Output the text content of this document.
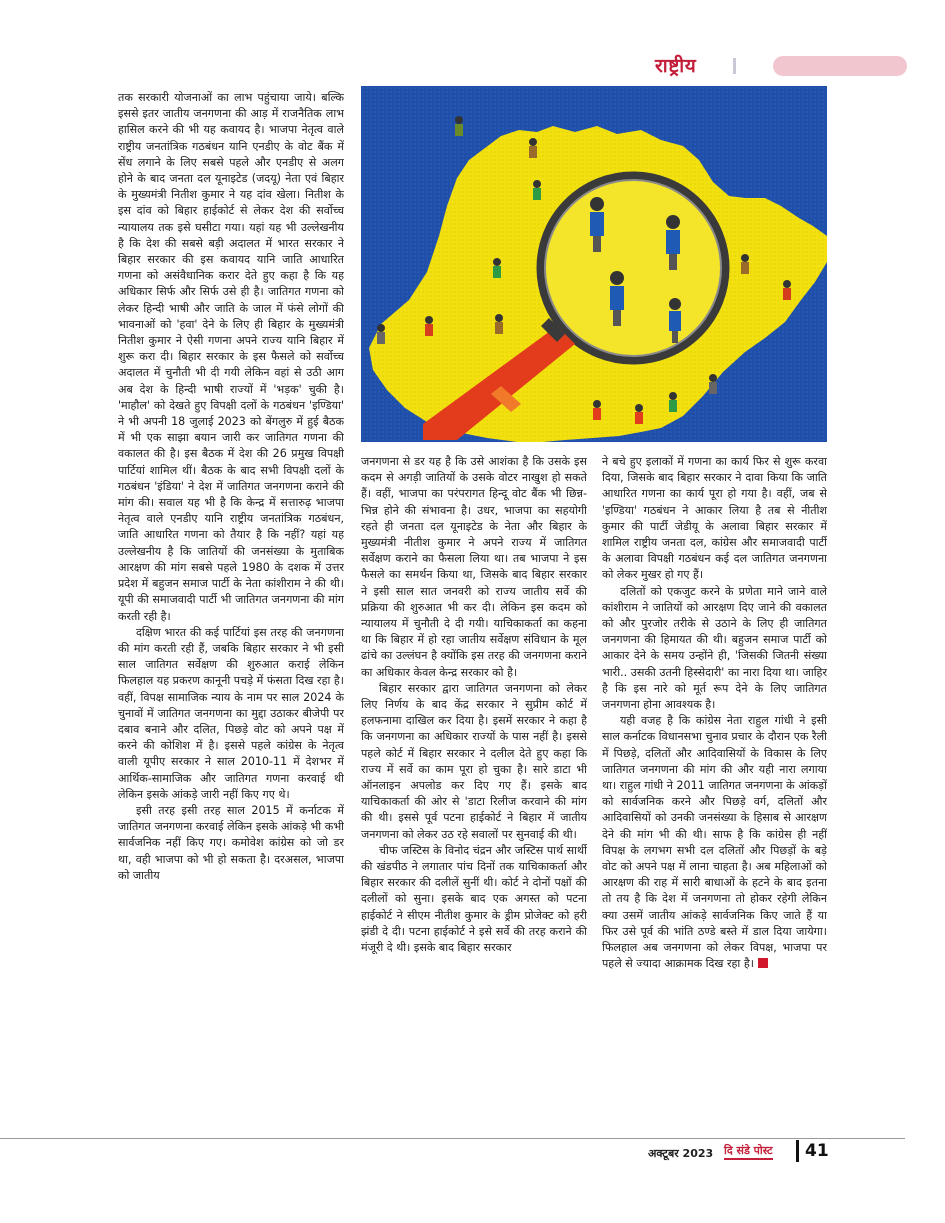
राष्ट्रीय

तक सरकारी योजनाओं का लाभ पहुंचाया जाये। बल्कि इससे इतर जातीय जनगणना की आड़ में राजनैतिक लाभ हासिल करने की भी यह कवायद है। भाजपा नेतृत्व वाले राष्ट्रीय जनतांत्रिक गठबंधन यानि एनडीए के वोट बैंक में सेंध लगाने के लिए सबसे पहले और एनडीए से अलग होने के बाद जनता दल यूनाइटेड (जदयू) नेता एवं बिहार के मुख्यमंत्री नितीश कुमार ने यह दांव खेला। नितीश के इस दांव को बिहार हाईकोर्ट से लेकर देश की सर्वोच्च न्यायालय तक इसे घसीटा गया। यहां यह भी उल्लेखनीय है कि देश की सबसे बड़ी अदालत में भारत सरकार ने बिहार सरकार की इस कवायद यानि जाति आधारित गणना को असंवैधानिक करार देते हुए कहा है कि यह अधिकार सिर्फ और सिर्फ उसे ही है। जातिगत गणना को लेकर हिन्दी भाषी और जाति के जाल में फंसे लोगों की भावनाओं को 'हवा' देने के लिए ही बिहार के मुख्यमंत्री नितीश कुमार ने ऐसी गणना अपने राज्य यानि बिहार में शुरू करा दी। बिहार सरकार के इस फैसले को सर्वोच्च अदालत में चुनौती भी दी गयी लेकिन वहां से उठी आग अब देश के हिन्दी भाषी राज्यों में 'भड़क' चुकी है। 'माहौल' को देखते हुए विपक्षी दलों के गठबंधन 'इण्डिया' ने भी अपनी 18 जुलाई 2023 को बेंगलुरु में हुई बैठक में भी एक साझा बयान जारी कर जातिगत गणना की वकालत की है। इस बैठक में देश की 26 प्रमुख विपक्षी पार्टियां शामिल थीं। बैठक के बाद सभी विपक्षी दलों के गठबंधन 'इंडिया' ने देश में जातिगत जनगणना कराने की मांग की। सवाल यह भी है कि केन्द्र में सत्तारुढ़ भाजपा नेतृत्व वाले एनडीए यानि राष्ट्रीय जनतांत्रिक गठबंधन, जाति आधारित गणना को तैयार है कि नहीं? यहां यह उल्लेखनीय है कि जातियों की जनसंख्या के मुताबिक आरक्षण की मांग सबसे पहले 1980 के दशक में उत्तर प्रदेश में बहुजन समाज पार्टी के नेता कांशीराम ने की थी। यूपी की समाजवादी पार्टी भी जातिगत जनगणना की मांग करती रही है।

दक्षिण भारत की कई पार्टियां इस तरह की जनगणना की मांग करती रही हैं, जबकि बिहार सरकार ने भी इसी साल जातिगत सर्वेक्षण की शुरुआत कराई लेकिन फिलहाल यह प्रकरण कानूनी पचड़े में फंसता दिख रहा है। वहीं, विपक्ष सामाजिक न्याय के नाम पर साल 2024 के चुनावों में जातिगत जनगणना का मुद्दा उठाकर बीजेपी पर दबाव बनाने और दलित, पिछड़े वोट को अपने पक्ष में करने की कोशिश में है। इससे पहले कांग्रेस के नेतृत्व वाली यूपीए सरकार ने साल 2010-11 में देशभर में आर्थिक-सामाजिक और जातिगत गणना करवाई थी लेकिन इसके आंकड़े जारी नहीं किए गए थे।

इसी तरह इसी तरह साल 2015 में कर्नाटक में जातिगत जनगणना करवाई लेकिन इसके आंकड़े भी कभी सार्वजनिक नहीं किए गए। कमोवेश कांग्रेस को जो डर था, वही भाजपा को भी हो सकता है। दरअसल, भाजपा को जातीय

जनगणना से डर यह है कि उसे आशंका है कि उसके इस कदम से अगड़ी जातियों के उसके वोटर नाखुश हो सकते हैं। वहीं, भाजपा का परंपरागत हिन्दू वोट बैंक भी छिन्न-भिन्न होने की संभावना है। उधर, भाजपा का सहयोगी रहते ही जनता दल यूनाइटेड के नेता और बिहार के मुख्यमंत्री नीतीश कुमार ने अपने राज्य में जातिगत सर्वेक्षण कराने का फैसला लिया था। तब भाजपा ने इस फैसले का समर्थन किया था, जिसके बाद बिहार सरकार ने इसी साल सात जनवरी को राज्य जातीय सर्वे की प्रक्रिया की शुरुआत भी कर दी। लेकिन इस कदम को न्यायालय में चुनौती दे दी गयी। याचिकाकर्ता का कहना था कि बिहार में हो रहा जातीय सर्वेक्षण संविधान के मूल ढांचे का उल्लंघन है क्योंकि इस तरह की जनगणना कराने का अधिकार केवल केन्द्र सरकार को है।

बिहार सरकार द्वारा जातिगत जनगणना को लेकर लिए निर्णय के बाद केंद्र सरकार ने सुप्रीम कोर्ट में हलफनामा दाखिल कर दिया है। इसमें सरकार ने कहा है कि जनगणना का अधिकार राज्यों के पास नहीं है। इससे पहले कोर्ट में बिहार सरकार ने दलील देते हुए कहा कि राज्य में सर्वे का काम पूरा हो चुका है। सारे डाटा भी ऑनलाइन अपलोड कर दिए गए हैं। इसके बाद याचिकाकर्ता की ओर से 'डाटा रिलीज करवाने की मांग की थी। इससे पूर्व पटना हाईकोर्ट ने बिहार में जातीय जनगणना को लेकर उठ रहे सवालों पर सुनवाई की थी।

चीफ जस्टिस के विनोद चंद्रन और जस्टिस पार्थ सार्थी की खंडपीठ ने लगातार पांच दिनों तक याचिकाकर्ता और बिहार सरकार की दलीलें सुनीं थी। कोर्ट ने दोनों पक्षों की दलीलों को सुना। इसके बाद एक अगस्त को पटना हाईकोर्ट ने सीएम नीतीश कुमार के ड्रीम प्रोजेक्ट को हरी झंडी दे दी। पटना हाईकोर्ट ने इसे सर्वे की तरह कराने की मंजूरी दे थी। इसके बाद बिहार सरकार

ने बचे हुए इलाकों में गणना का कार्य फिर से शुरू करवा दिया, जिसके बाद बिहार सरकार ने दावा किया कि जाति आधारित गणना का कार्य पूरा हो गया है। वहीं, जब से 'इण्डिया' गठबंधन ने आकार लिया है तब से नीतीश कुमार की पार्टी जेडीयू के अलावा बिहार सरकार में शामिल राष्ट्रीय जनता दल, कांग्रेस और समाजवादी पार्टी के अलावा विपक्षी गठबंधन कई दल जातिगत जनगणना को लेकर मुखर हो गए हैं।

दलितों को एकजुट करने के प्रणेता माने जाने वाले कांशीराम ने जातियों को आरक्षण दिए जाने की वकालत को और पुरजोर तरीके से उठाने के लिए ही जातिगत जनगणना की हिमायत की थी। बहुजन समाज पार्टी को आकार देने के समय उन्होंने ही, 'जिसकी जितनी संख्या भारी.. उसकी उतनी हिस्सेदारी' का नारा दिया था। जाहिर है कि इस नारे को मूर्त रूप देने के लिए जातिगत जनगणना होना आवश्यक है।

यही वजह है कि कांग्रेस नेता राहुल गांधी ने इसी साल कर्नाटक विधानसभा चुनाव प्रचार के दौरान एक रैली में पिछड़े, दलितों और आदिवासियों के विकास के लिए जातिगत जनगणना की मांग की और यही नारा लगाया था। राहुल गांधी ने 2011 जातिगत जनगणना के आंकड़ों को सार्वजनिक करने और पिछड़े वर्ग, दलितों और आदिवासियों को उनकी जनसंख्या के हिसाब से आरक्षण देने की मांग भी की थी। साफ है कि कांग्रेस ही नहीं विपक्ष के लगभग सभी दल दलितों और पिछड़ों के बड़े वोट को अपने पक्ष में लाना चाहता है। अब महिलाओं को आरक्षण की राह में सारी बाधाओं के हटने के बाद इतना तो तय है कि देश में जनगणना तो होकर रहेगी लेकिन क्या उसमें जातीय आंकड़े सार्वजनिक किए जाते हैं या फिर उसे पूर्व की भांति ठण्डे बस्ते में डाल दिया जायेगा। फिलहाल अब जनगणना को लेकर विपक्ष, भाजपा पर पहले से ज्यादा आक्रामक दिख रहा है।

अक्टूबर 2023 दि संडे पोस्ट 41
